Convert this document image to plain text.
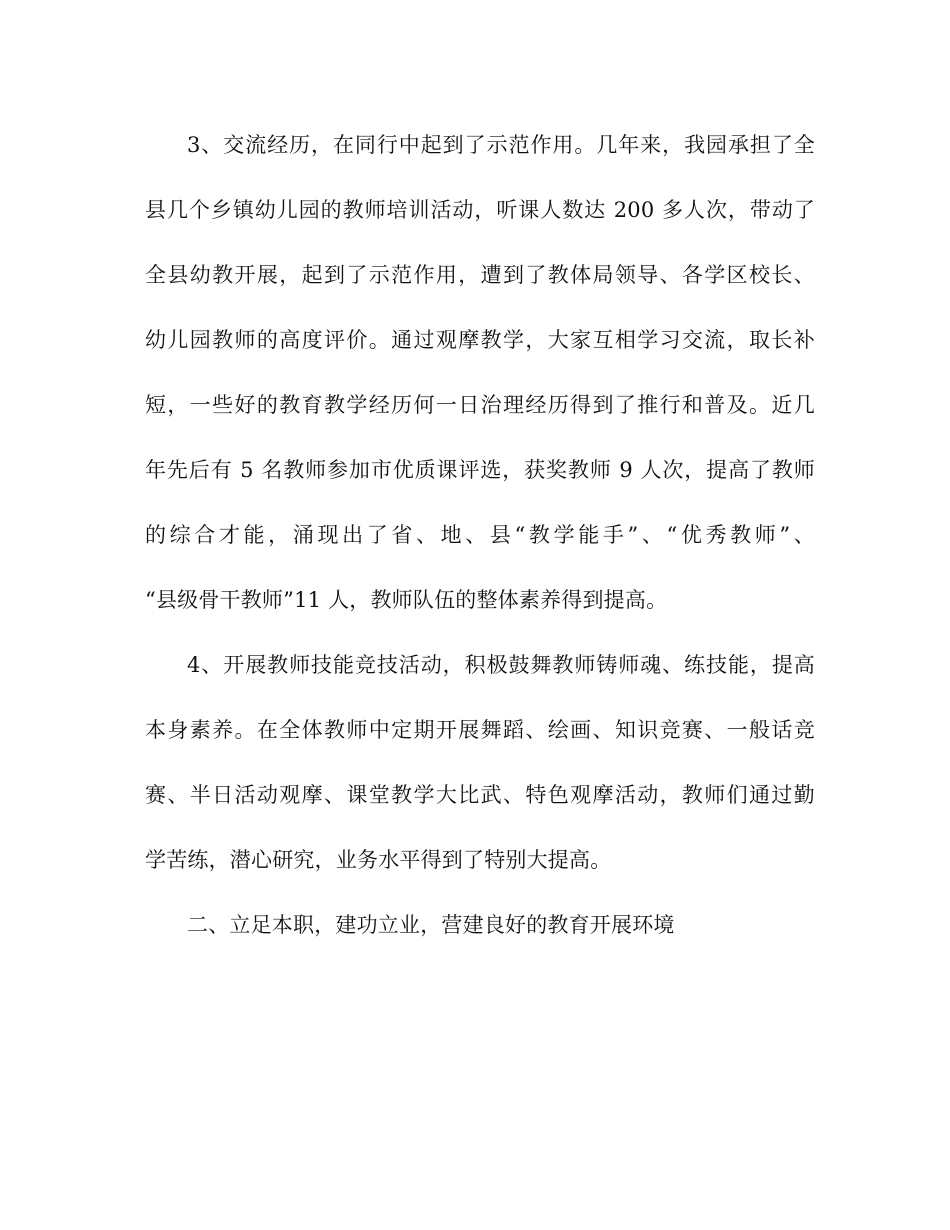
3、交流经历，在同行中起到了示范作用。几年来，我园承担了全
县几个乡镇幼儿园的教师培训活动，听课人数达 200 多人次，带动了
全县幼教开展，起到了示范作用，遭到了教体局领导、各学区校长、
幼儿园教师的高度评价。通过观摩教学，大家互相学习交流，取长补
短，一些好的教育教学经历何一日治理经历得到了推行和普及。近几
年先后有 5 名教师参加市优质课评选，获奖教师 9 人次，提高了教师
的综合才能，涌现出了省、地、县“教学能手”、“优秀教师”、
“县级骨干教师”11 人，教师队伍的整体素养得到提高。
4、开展教师技能竞技活动，积极鼓舞教师铸师魂、练技能，提高
本身素养。在全体教师中定期开展舞蹈、绘画、知识竞赛、一般话竞
赛、半日活动观摩、课堂教学大比武、特色观摩活动，教师们通过勤
学苦练，潜心研究，业务水平得到了特别大提高。
二、立足本职，建功立业，营建良好的教育开展环境
